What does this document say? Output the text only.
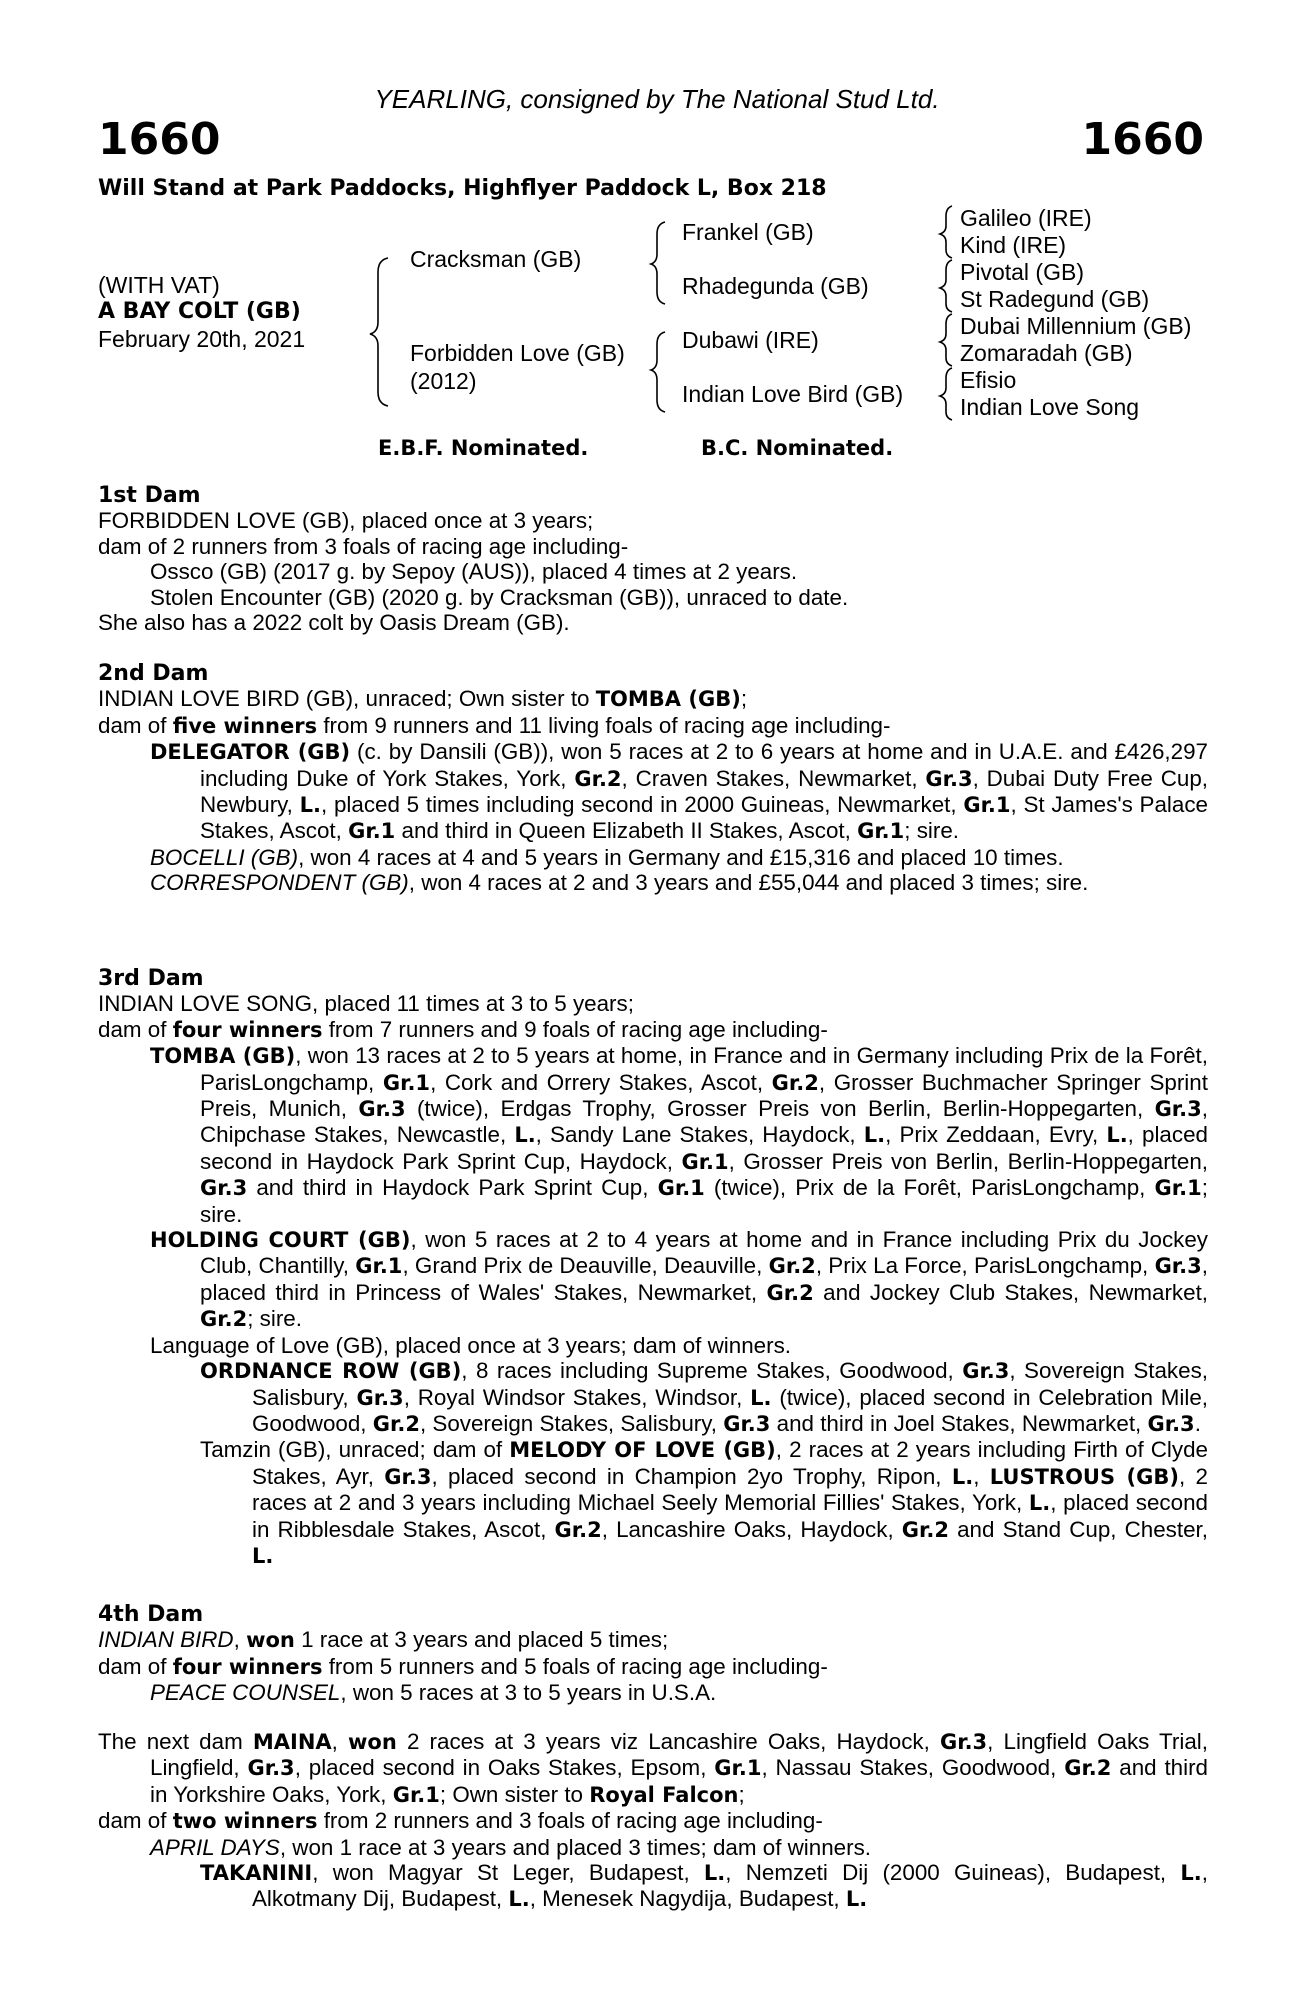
YEARLING, consigned by The National Stud Ltd.
1660	1660
Will Stand at Park Paddocks, Highflyer Paddock L, Box 218
(WITH VAT)
A BAY COLT (GB)
February 20th, 2021
Cracksman (GB)
Forbidden Love (GB)
(2012)
Frankel (GB)
Rhadegunda (GB)
Dubawi (IRE)
Indian Love Bird (GB)
Galileo (IRE)
Kind (IRE)
Pivotal (GB)
St Radegund (GB)
Dubai Millennium (GB)
Zomaradah (GB)
Efisio
Indian Love Song
E.B.F. Nominated.	B.C. Nominated.
1st Dam
FORBIDDEN LOVE (GB), placed once at 3 years;
dam of 2 runners from 3 foals of racing age including-
Ossco (GB) (2017 g. by Sepoy (AUS)), placed 4 times at 2 years.
Stolen Encounter (GB) (2020 g. by Cracksman (GB)), unraced to date.
She also has a 2022 colt by Oasis Dream (GB).
2nd Dam
INDIAN LOVE BIRD (GB), unraced; Own sister to TOMBA (GB);
dam of five winners from 9 runners and 11 living foals of racing age including-
DELEGATOR (GB) (c. by Dansili (GB)), won 5 races at 2 to 6 years at home and in U.A.E. and £426,297 including Duke of York Stakes, York, Gr.2, Craven Stakes, Newmarket, Gr.3, Dubai Duty Free Cup, Newbury, L., placed 5 times including second in 2000 Guineas, Newmarket, Gr.1, St James's Palace Stakes, Ascot, Gr.1 and third in Queen Elizabeth II Stakes, Ascot, Gr.1; sire.
BOCELLI (GB), won 4 races at 4 and 5 years in Germany and £15,316 and placed 10 times.
CORRESPONDENT (GB), won 4 races at 2 and 3 years and £55,044 and placed 3 times; sire.
3rd Dam
INDIAN LOVE SONG, placed 11 times at 3 to 5 years;
dam of four winners from 7 runners and 9 foals of racing age including-
TOMBA (GB), won 13 races at 2 to 5 years at home, in France and in Germany including Prix de la Forêt, ParisLongchamp, Gr.1, Cork and Orrery Stakes, Ascot, Gr.2, Grosser Buchmacher Springer Sprint Preis, Munich, Gr.3 (twice), Erdgas Trophy, Grosser Preis von Berlin, Berlin-Hoppegarten, Gr.3, Chipchase Stakes, Newcastle, L., Sandy Lane Stakes, Haydock, L., Prix Zeddaan, Evry, L., placed second in Haydock Park Sprint Cup, Haydock, Gr.1, Grosser Preis von Berlin, Berlin-Hoppegarten, Gr.3 and third in Haydock Park Sprint Cup, Gr.1 (twice), Prix de la Forêt, ParisLongchamp, Gr.1; sire.
HOLDING COURT (GB), won 5 races at 2 to 4 years at home and in France including Prix du Jockey Club, Chantilly, Gr.1, Grand Prix de Deauville, Deauville, Gr.2, Prix La Force, ParisLongchamp, Gr.3, placed third in Princess of Wales' Stakes, Newmarket, Gr.2 and Jockey Club Stakes, Newmarket, Gr.2; sire.
Language of Love (GB), placed once at 3 years; dam of winners.
ORDNANCE ROW (GB), 8 races including Supreme Stakes, Goodwood, Gr.3, Sovereign Stakes, Salisbury, Gr.3, Royal Windsor Stakes, Windsor, L. (twice), placed second in Celebration Mile, Goodwood, Gr.2, Sovereign Stakes, Salisbury, Gr.3 and third in Joel Stakes, Newmarket, Gr.3.
Tamzin (GB), unraced; dam of MELODY OF LOVE (GB), 2 races at 2 years including Firth of Clyde Stakes, Ayr, Gr.3, placed second in Champion 2yo Trophy, Ripon, L., LUSTROUS (GB), 2 races at 2 and 3 years including Michael Seely Memorial Fillies' Stakes, York, L., placed second in Ribblesdale Stakes, Ascot, Gr.2, Lancashire Oaks, Haydock, Gr.2 and Stand Cup, Chester, L.
4th Dam
INDIAN BIRD, won 1 race at 3 years and placed 5 times;
dam of four winners from 5 runners and 5 foals of racing age including-
PEACE COUNSEL, won 5 races at 3 to 5 years in U.S.A.
The next dam MAINA, won 2 races at 3 years viz Lancashire Oaks, Haydock, Gr.3, Lingfield Oaks Trial, Lingfield, Gr.3, placed second in Oaks Stakes, Epsom, Gr.1, Nassau Stakes, Goodwood, Gr.2 and third in Yorkshire Oaks, York, Gr.1; Own sister to Royal Falcon;
dam of two winners from 2 runners and 3 foals of racing age including-
APRIL DAYS, won 1 race at 3 years and placed 3 times; dam of winners.
TAKANINI, won Magyar St Leger, Budapest, L., Nemzeti Dij (2000 Guineas), Budapest, L., Alkotmany Dij, Budapest, L., Menesek Nagydija, Budapest, L.
